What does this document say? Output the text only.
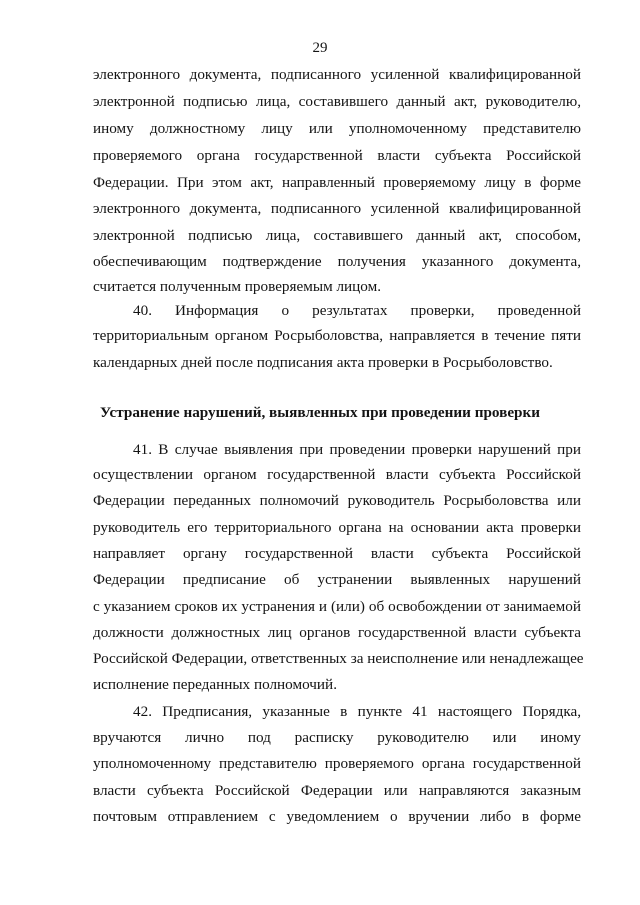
29
электронного документа, подписанного усиленной квалифицированной
электронной подписью лица, составившего данный акт, руководителю,
иному должностному лицу или уполномоченному представителю
проверяемого органа государственной власти субъекта Российской
Федерации. При этом акт, направленный проверяемому лицу в форме
электронного документа, подписанного усиленной квалифицированной
электронной подписью лица, составившего данный акт, способом,
обеспечивающим подтверждение получения указанного документа,
считается полученным проверяемым лицом.
40. Информация о результатах проверки, проведенной
территориальным органом Росрыболовства, направляется в течение пяти
календарных дней после подписания акта проверки в Росрыболовство.
Устранение нарушений, выявленных при проведении проверки
41. В случае выявления при проведении проверки нарушений при
осуществлении органом государственной власти субъекта Российской
Федерации переданных полномочий руководитель Росрыболовства или
руководитель его территориального органа на основании акта проверки
направляет органу государственной власти субъекта Российской
Федерации предписание об устранении выявленных нарушений
с указанием сроков их устранения и (или) об освобождении от занимаемой
должности должностных лиц органов государственной власти субъекта
Российской Федерации, ответственных за неисполнение или ненадлежащее
исполнение переданных полномочий.
42. Предписания, указанные в пункте 41 настоящего Порядка,
вручаются лично под расписку руководителю или иному
уполномоченному представителю проверяемого органа государственной
власти субъекта Российской Федерации или направляются заказным
почтовым отправлением с уведомлением о вручении либо в форме
